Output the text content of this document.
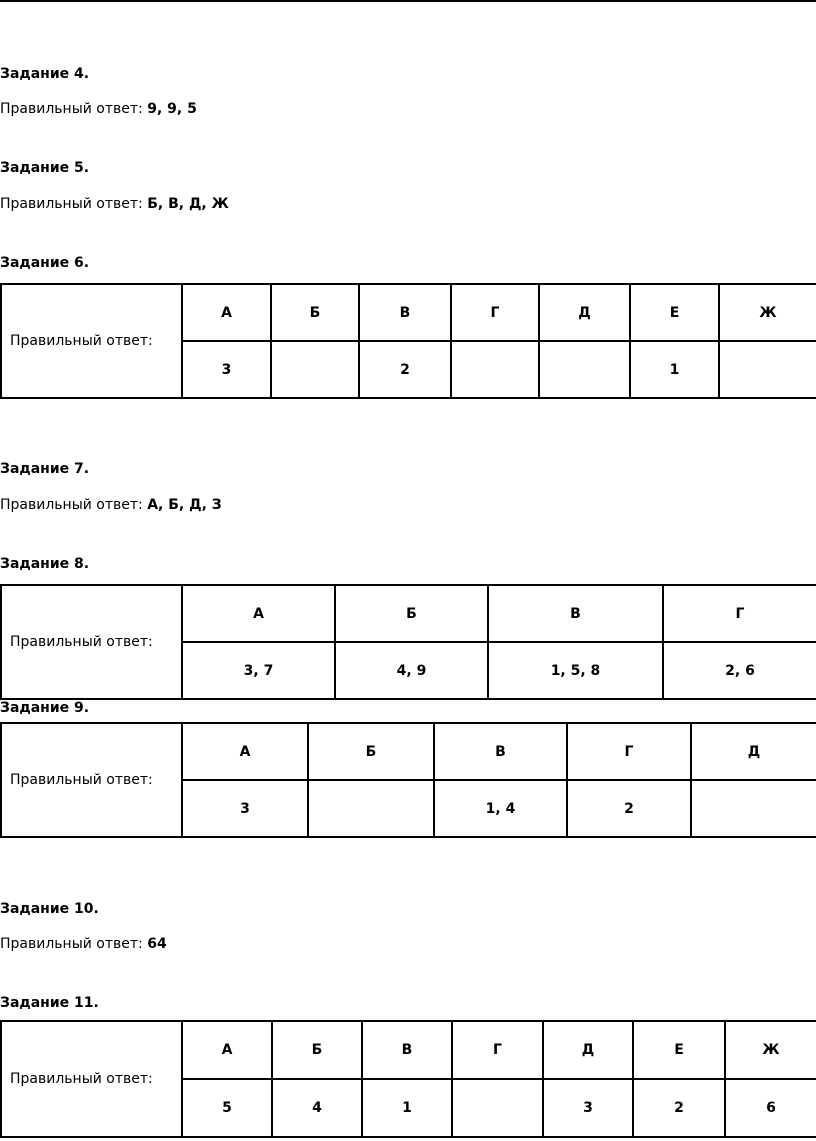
Задание 4.
Правильный ответ: 9, 9, 5
Задание 5.
Правильный ответ: Б, В, Д, Ж
Задание 6.
Правильный ответ:	А	Б	В	Г	Д	Е	Ж
	3		2			1	
Задание 7.
Правильный ответ: А, Б, Д, З
Задание 8.
Правильный ответ:	А	Б	В	Г
	3, 7	4, 9	1, 5, 8	2, 6
Задание 9.
Правильный ответ:	А	Б	В	Г	Д
	3		1, 4	2	
Задание 10.
Правильный ответ: 64
Задание 11.
Правильный ответ:	А	Б	В	Г	Д	Е	Ж
	5	4	1		3	2	6
